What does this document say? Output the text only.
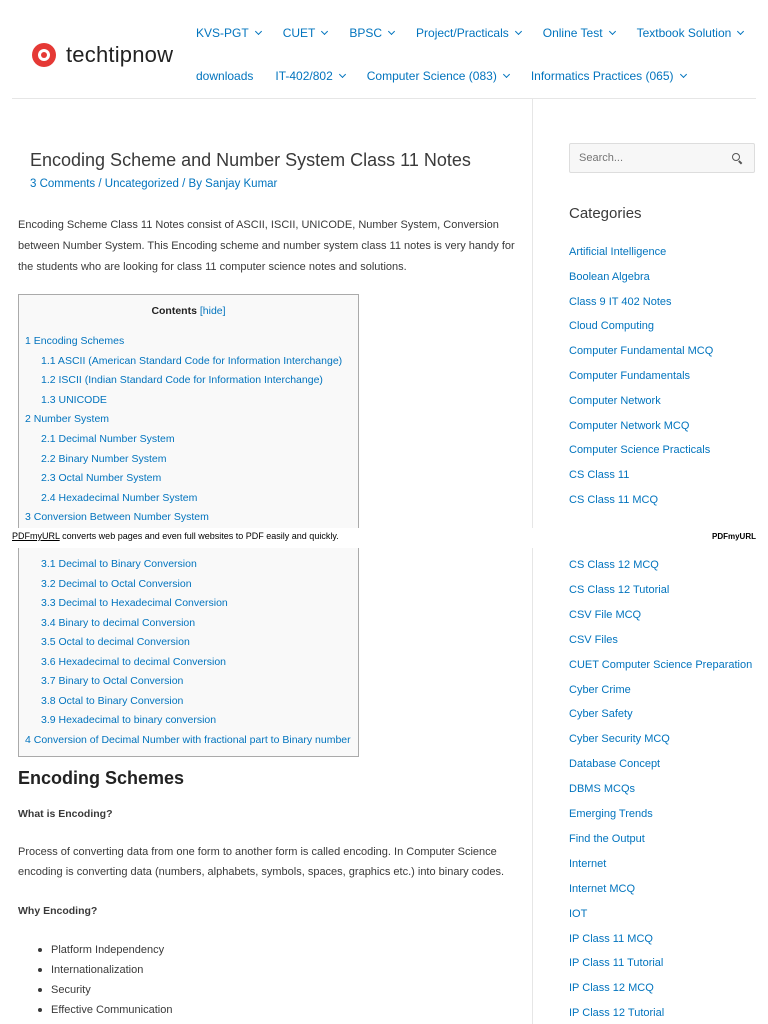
techtipnow
KVS-PGT	CUET	BPSC	Project/Practicals	Online Test	Textbook Solution
downloads IT-402/802	Computer Science (083)	Informatics Practices (065)
Encoding Scheme and Number System Class 11 Notes
3 Comments / Uncategorized / By Sanjay Kumar

Encoding Scheme Class 11 Notes consist of ASCII, ISCII, UNICODE, Number System, Conversion between Number System. This Encoding scheme and number system class 11 notes is very handy for the students who are looking for class 11 computer science notes and solutions.

Contents [hide]
1 Encoding Schemes
1.1 ASCII (American Standard Code for Information Interchange)
1.2 ISCII (Indian Standard Code for Information Interchange)
1.3 UNICODE
2 Number System
2.1 Decimal Number System
2.2 Binary Number System
2.3 Octal Number System
2.4 Hexadecimal Number System
3 Conversion Between Number System
3.1 Decimal to Binary Conversion
3.2 Decimal to Octal Conversion
3.3 Decimal to Hexadecimal Conversion
3.4 Binary to decimal Conversion
3.5 Octal to decimal Conversion
3.6 Hexadecimal to decimal Conversion
3.7 Binary to Octal Conversion
3.8 Octal to Binary Conversion
3.9 Hexadecimal to binary conversion
4 Conversion of Decimal Number with fractional part to Binary number
PDFmyURL converts web pages and even full websites to PDF easily and quickly.	PDFmyURL
Encoding Schemes
What is Encoding?

Process of converting data from one form to another form is called encoding. In Computer Science encoding is converting data (numbers, alphabets, symbols, spaces, graphics etc.) into binary codes.

Why Encoding?
Platform Independency
Internationalization
Security
Effective Communication
Search...
Categories
Artificial Intelligence
Boolean Algebra
Class 9 IT 402 Notes
Cloud Computing
Computer Fundamental MCQ
Computer Fundamentals
Computer Network
Computer Network MCQ
Computer Science Practicals
CS Class 11
CS Class 11 MCQ
CS Class 12 MCQ
CS Class 12 Tutorial
CSV File MCQ
CSV Files
CUET Computer Science Preparation
Cyber Crime
Cyber Safety
Cyber Security MCQ
Database Concept
DBMS MCQs
Emerging Trends
Find the Output
Internet
Internet MCQ
IOT
IP Class 11 MCQ
IP Class 11 Tutorial
IP Class 12 MCQ
IP Class 12 Tutorial
